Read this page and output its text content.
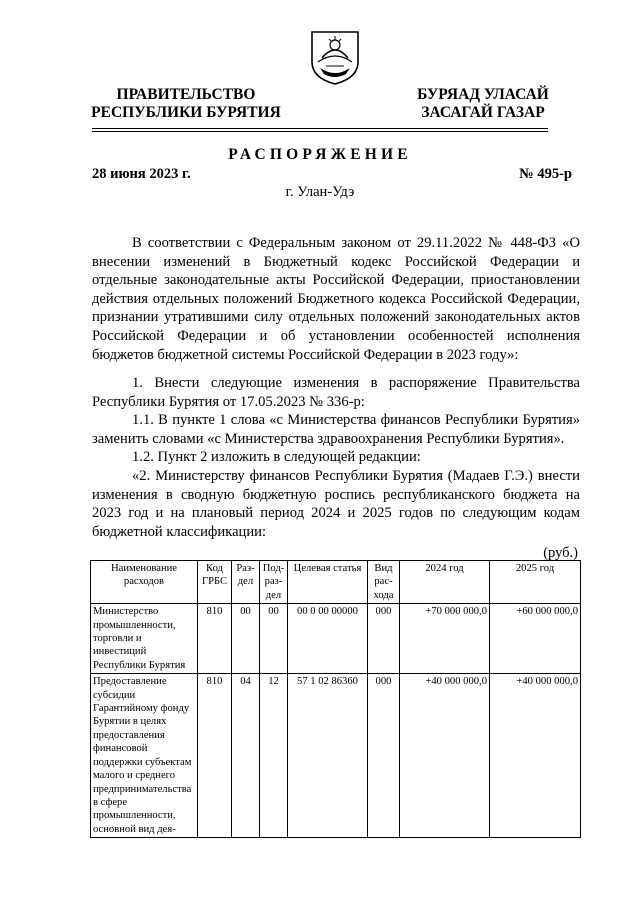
ПРАВИТЕЛЬСТВО
РЕСПУБЛИКИ БУРЯТИЯ
БУРЯАД УЛАСАЙ
ЗАСАГАЙ ГАЗАР
РАСПОРЯЖЕНИЕ
28 июня 2023 г.	№ 495-р
г. Улан-Удэ

В соответствии с Федеральным законом от 29.11.2022 № 448-ФЗ «О внесении изменений в Бюджетный кодекс Российской Федерации и отдельные законодательные акты Российской Федерации, приостановлении действия отдельных положений Бюджетного кодекса Российской Федерации, признании утратившими силу отдельных положений законодательных актов Российской Федерации и об установлении особенностей исполнения бюджетов бюджетной системы Российской Федерации в 2023 году»:

1. Внести следующие изменения в распоряжение Правительства Республики Бурятия от 17.05.2023 № 336-р:

1.1. В пункте 1 слова «с Министерства финансов Республики Бурятия» заменить словами «с Министерства здравоохранения Республики Бурятия».

1.2. Пункт 2 изложить в следующей редакции:

«2. Министерству финансов Республики Бурятия (Мадаев Г.Э.) внести изменения в сводную бюджетную роспись республиканского бюджета на 2023 год и на плановый период 2024 и 2025 годов по следующим кодам бюджетной классификации:

(руб.)
Наименование расходов	Код ГРБС	Раз-дел	Под-раз-дел	Целевая статья	Вид рас-хода	2024 год	2025 год
Министерство промышленности, торговли и инвестиций Республики Бурятия	810	00	00	00 0 00 00000	000	+70 000 000,0	+60 000 000,0
Предоставление субсидии Гарантийному фонду Бурятии в целях предоставления финансовой поддержки субъектам малого и среднего предпринимательства в сфере промышленности, основной вид дея-	810	04	12	57 1 02 86360	000	+40 000 000,0	+40 000 000,0
